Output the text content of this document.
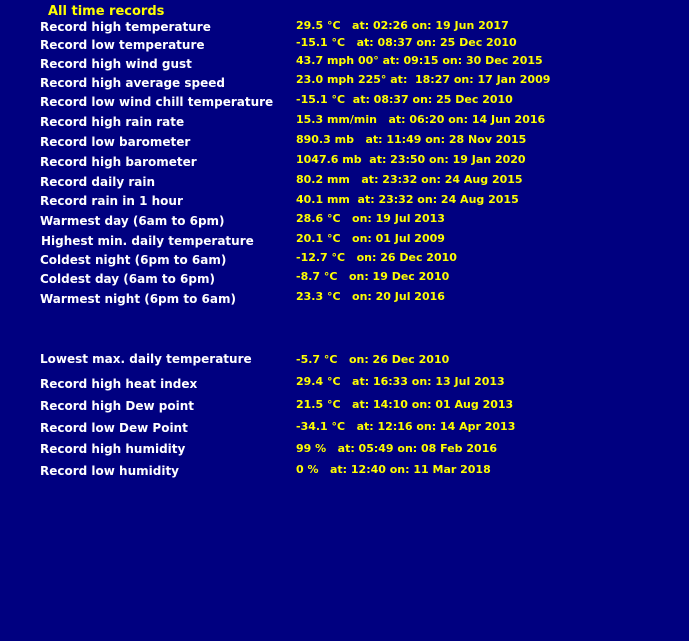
All time records
Record high temperature	29.5 °C   at: 02:26 on: 19 Jun 2017
Record low temperature	-15.1 °C   at: 08:37 on: 25 Dec 2010
Record high wind gust	43.7 mph 00° at: 09:15 on: 30 Dec 2015
Record high average speed	23.0 mph 225° at:  18:27 on: 17 Jan 2009
Record low wind chill temperature -15.1 °C  at: 08:37 on: 25 Dec 2010
Record high rain rate	15.3 mm/min   at: 06:20 on: 14 Jun 2016
Record low barometer	890.3 mb   at: 11:49 on: 28 Nov 2015
Record high barometer	1047.6 mb  at: 23:50 on: 19 Jan 2020
Record daily rain	80.2 mm   at: 23:32 on: 24 Aug 2015
Record rain in 1 hour	40.1 mm  at: 23:32 on: 24 Aug 2015
Warmest day (6am to 6pm)	28.6 °C   on: 19 Jul 2013
Highest min. daily temperature	20.1 °C   on: 01 Jul 2009
Coldest night (6pm to 6am)	-12.7 °C   on: 26 Dec 2010
Coldest day (6am to 6pm)	-8.7 °C   on: 19 Dec 2010
Warmest night (6pm to 6am)	23.3 °C   on: 20 Jul 2016
Lowest max. daily temperature	-5.7 °C   on: 26 Dec 2010
Record high heat index	29.4 °C   at: 16:33 on: 13 Jul 2013
Record high Dew point	21.5 °C   at: 14:10 on: 01 Aug 2013
Record low Dew Point	-34.1 °C   at: 12:16 on: 14 Apr 2013
Record high humidity	99 %   at: 05:49 on: 08 Feb 2016
Record low humidity	0 %   at: 12:40 on: 11 Mar 2018
